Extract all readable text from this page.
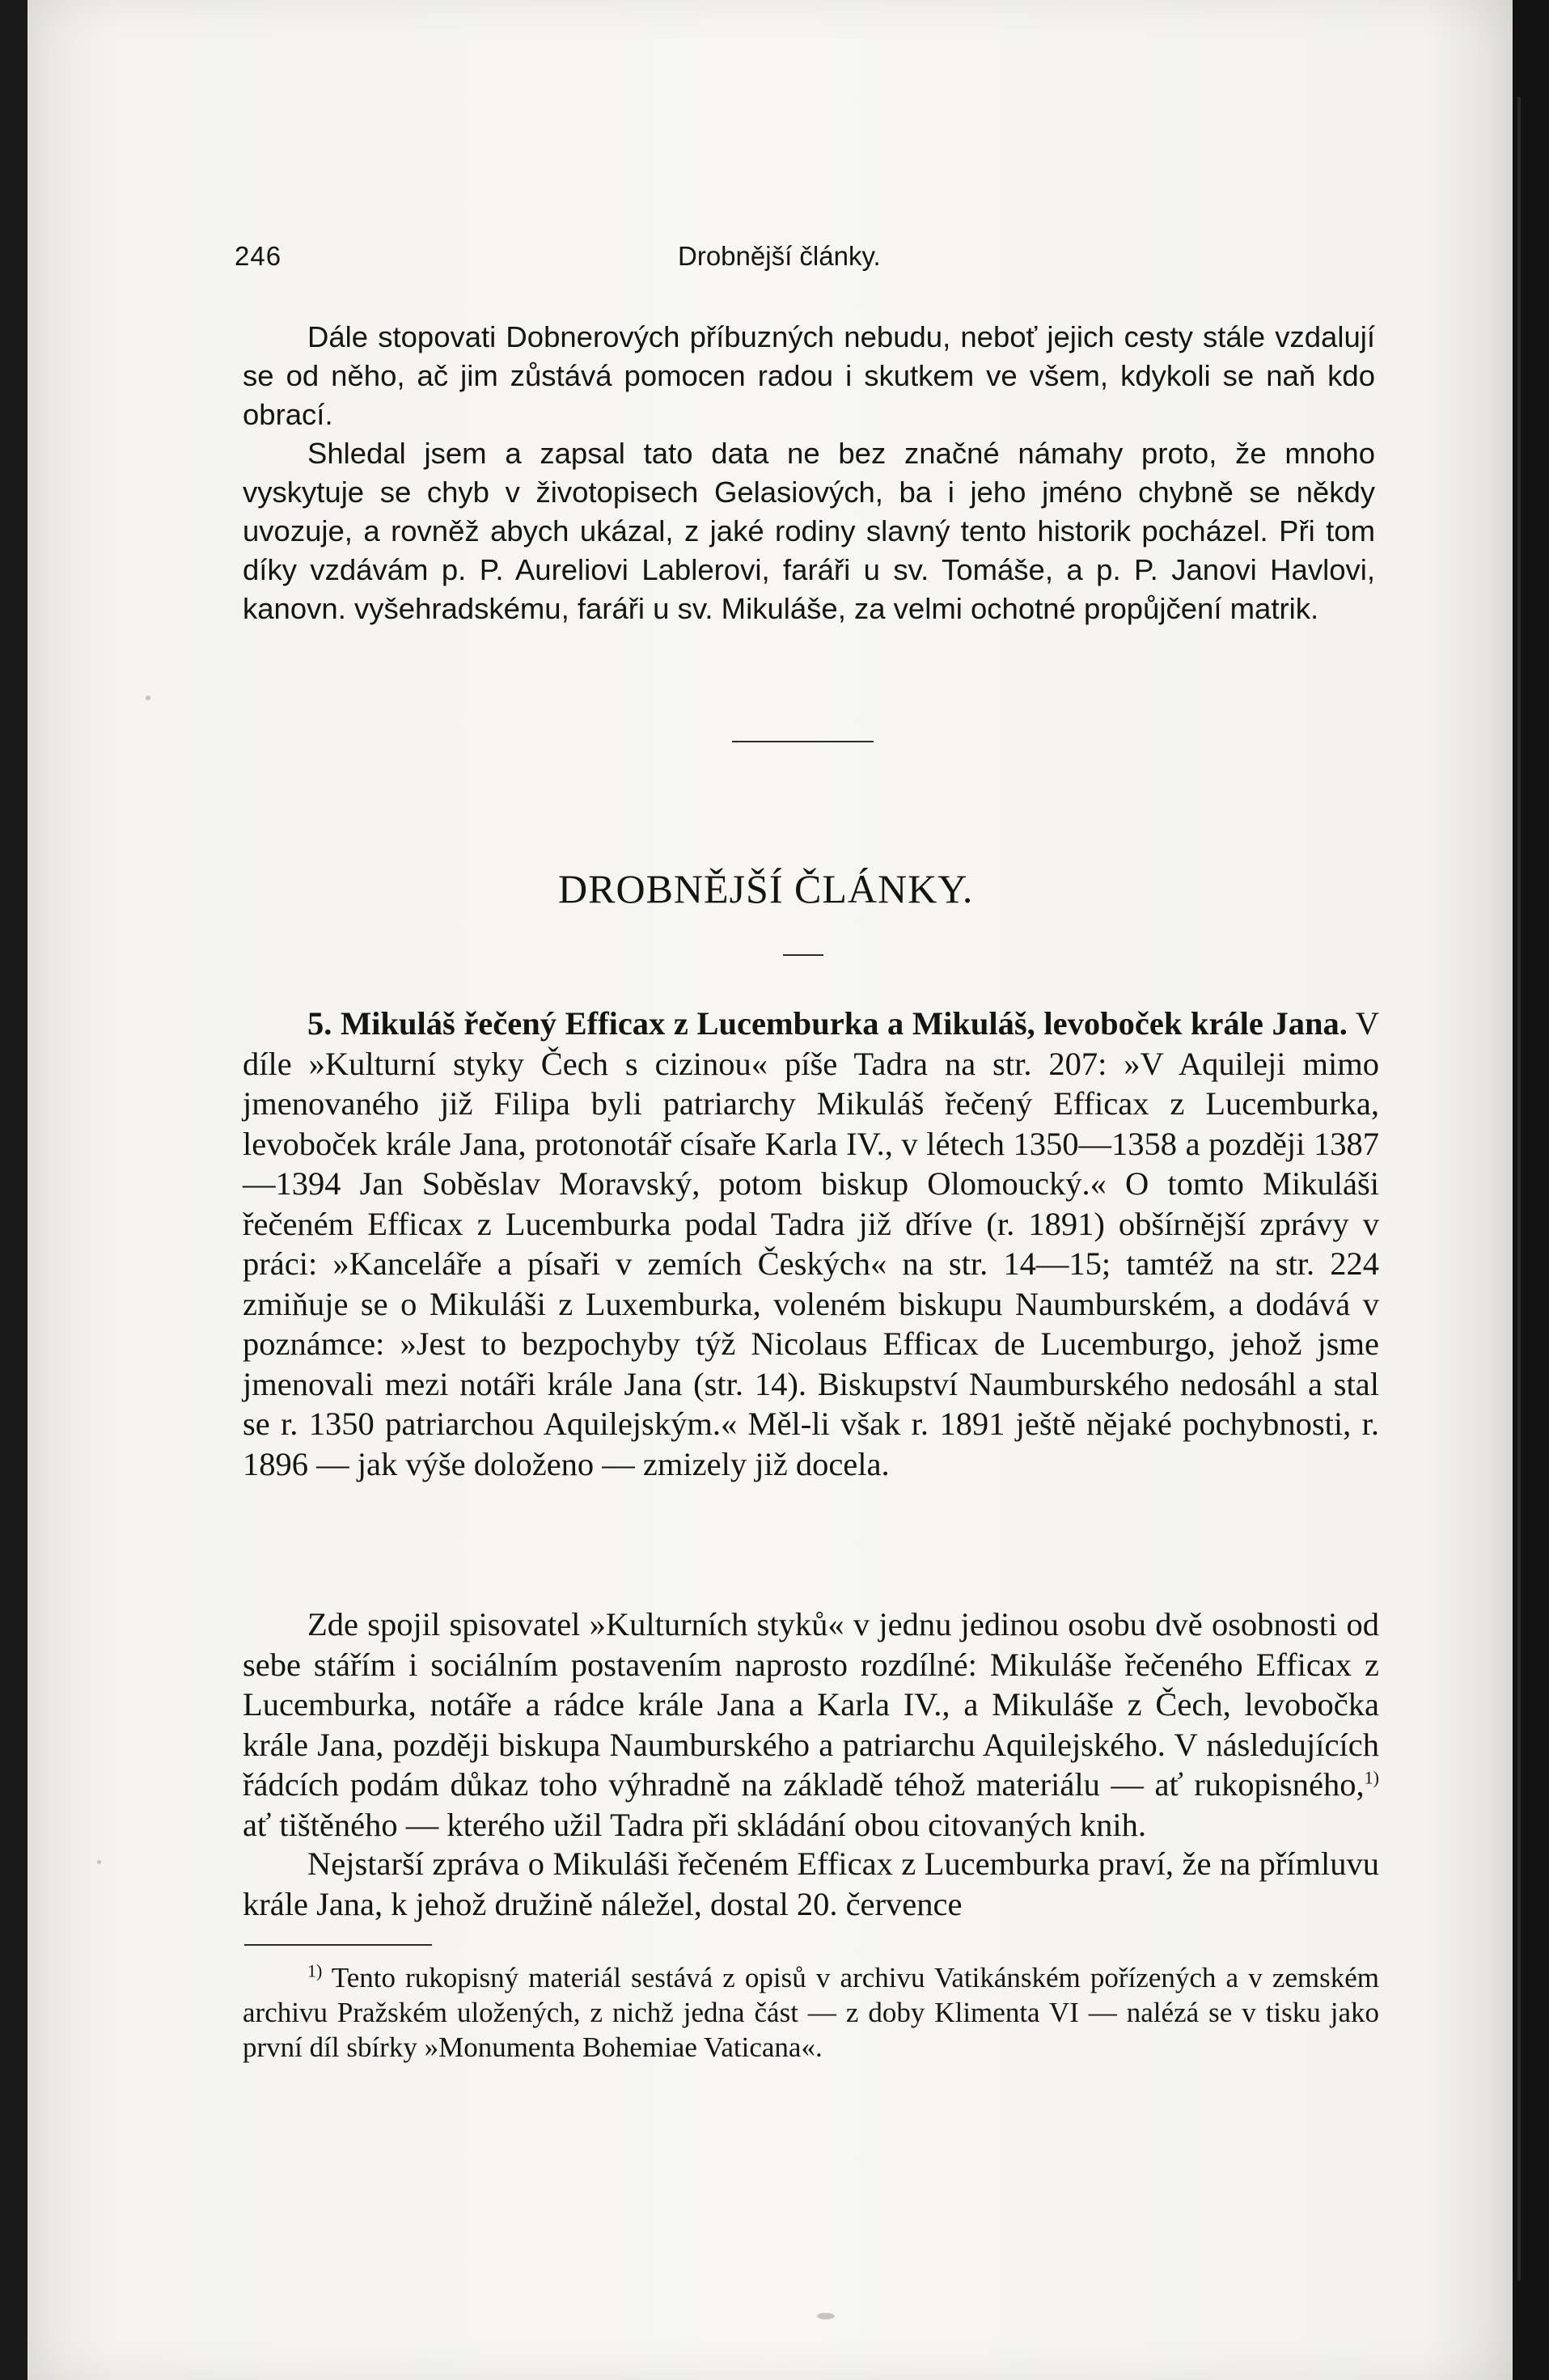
246	Drobnější články.

Dále stopovati Dobnerových příbuzných nebudu, neboť jejich cesty stále vzdalují se od něho, ač jim zůstává pomocen radou i skutkem ve všem, kdykoli se naň kdo obrací.

Shledal jsem a zapsal tato data ne bez značné námahy proto, že mnoho vyskytuje se chyb v životopisech Gelasiových, ba i jeho jméno chybně se někdy uvozuje, a rovněž abych ukázal, z jaké rodiny slavný tento historik pocházel. Při tom díky vzdávám p. P. Aureliovi Lablerovi, faráři u sv. Tomáše, a p. P. Janovi Havlovi, kanovn. vyšehradskému, faráři u sv. Mikuláše, za velmi ochotné propůjčení matrik.

DROBNĚJŠÍ ČLÁNKY.

5. Mikuláš řečený Efficax z Lucemburka a Mikuláš, levoboček krále Jana. V díle »Kulturní styky Čech s cizinou« píše Tadra na str. 207: »V Aquileji mimo jmenovaného již Filipa byli patriarchy Mikuláš řečený Efficax z Lucemburka, levoboček krále Jana, protonotář císaře Karla IV., v létech 1350—1358 a později 1387—1394 Jan Soběslav Moravský, potom biskup Olomoucký.« O tomto Mikuláši řečeném Efficax z Lucemburka podal Tadra již dříve (r. 1891) obšírnější zprávy v práci: »Kanceláře a písaři v zemích Českých« na str. 14—15; tamtéž na str. 224 zmiňuje se o Mikuláši z Luxemburka, voleném biskupu Naumburském, a dodává v poznámce: »Jest to bezpochyby týž Nicolaus Efficax de Lucemburgo, jehož jsme jmenovali mezi notáři krále Jana (str. 14). Biskupství Naumburského nedosáhl a stal se r. 1350 patriarchou Aquilejským.« Měl-li však r. 1891 ještě nějaké pochybnosti, r. 1896 — jak výše doloženo — zmizely již docela.

Zde spojil spisovatel »Kulturních styků« v jednu jedinou osobu dvě osobnosti od sebe stářím i sociálním postavením naprosto rozdílné: Mikuláše řečeného Efficax z Lucemburka, notáře a rádce krále Jana a Karla IV., a Mikuláše z Čech, levobočka krále Jana, později biskupa Naumburského a patriarchu Aquilejského. V následujících řádcích podám důkaz toho výhradně na základě téhož materiálu — ať rukopisného,$^{1)}$ ať tištěného — kterého užil Tadra při skládání obou citovaných knih.

Nejstarší zpráva o Mikuláši řečeném Efficax z Lucemburka praví, že na přímluvu krále Jana, k jehož družině náležel, dostal 20. července

$^{1)}$ Tento rukopisný materiál sestává z opisů v archivu Vatikánském pořízených a v zemském archivu Pražském uložených, z nichž jedna část — z doby Klimenta VI — nalézá se v tisku jako první díl sbírky »Monumenta Bohemiae Vaticana«.
